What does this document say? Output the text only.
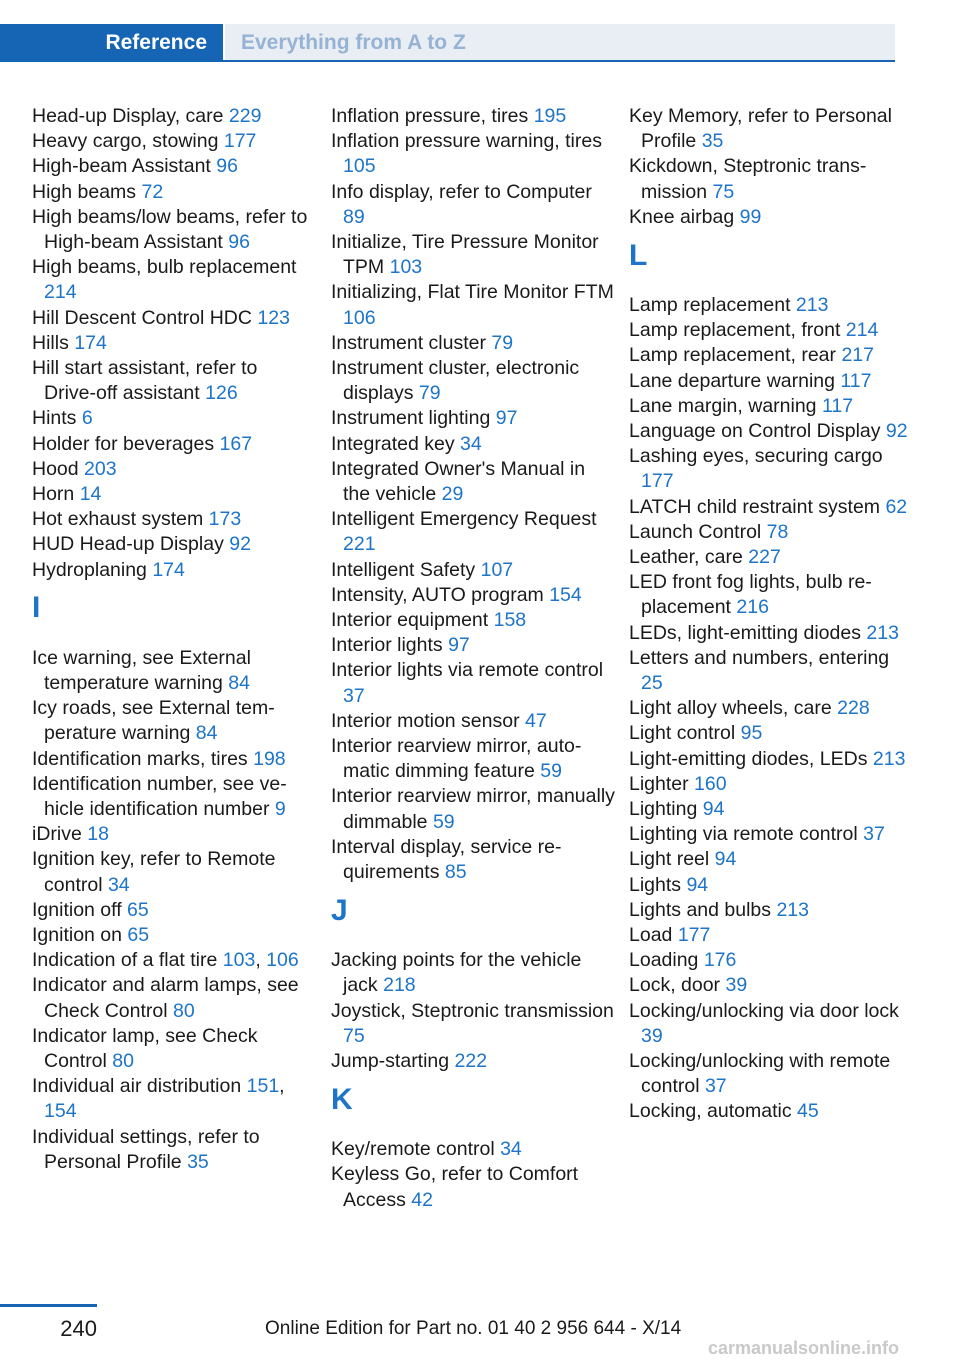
Reference	Everything from A to Z
Head-up Display, care 229
Heavy cargo, stowing 177
High-beam Assistant 96
High beams 72
High beams/low beams, refer to High-beam Assistant 96
High beams, bulb replacement 214
Hill Descent Control HDC 123
Hills 174
Hill start assistant, refer to Drive-off assistant 126
Hints 6
Holder for beverages 167
Hood 203
Horn 14
Hot exhaust system 173
HUD Head-up Display 92
Hydroplaning 174
I
Ice warning, see External temperature warning 84
Icy roads, see External temperature warning 84
Identification marks, tires 198
Identification number, see vehicle identification number 9
iDrive 18
Ignition key, refer to Remote control 34
Ignition off 65
Ignition on 65
Indication of a flat tire 103, 106
Indicator and alarm lamps, see Check Control 80
Indicator lamp, see Check Control 80
Individual air distribution 151, 154
Individual settings, refer to Personal Profile 35
Inflation pressure, tires 195
Inflation pressure warning, tires 105
Info display, refer to Computer 89
Initialize, Tire Pressure Monitor TPM 103
Initializing, Flat Tire Monitor FTM 106
Instrument cluster 79
Instrument cluster, electronic displays 79
Instrument lighting 97
Integrated key 34
Integrated Owner's Manual in the vehicle 29
Intelligent Emergency Request 221
Intelligent Safety 107
Intensity, AUTO program 154
Interior equipment 158
Interior lights 97
Interior lights via remote control 37
Interior motion sensor 47
Interior rearview mirror, automatic dimming feature 59
Interior rearview mirror, manually dimmable 59
Interval display, service requirements 85
J
Jacking points for the vehicle jack 218
Joystick, Steptronic transmission 75
Jump-starting 222
K
Key/remote control 34
Keyless Go, refer to Comfort Access 42
Key Memory, refer to Personal Profile 35
Kickdown, Steptronic transmission 75
Knee airbag 99
L
Lamp replacement 213
Lamp replacement, front 214
Lamp replacement, rear 217
Lane departure warning 117
Lane margin, warning 117
Language on Control Display 92
Lashing eyes, securing cargo 177
LATCH child restraint system 62
Launch Control 78
Leather, care 227
LED front fog lights, bulb replacement 216
LEDs, light-emitting diodes 213
Letters and numbers, entering 25
Light alloy wheels, care 228
Light control 95
Light-emitting diodes, LEDs 213
Lighter 160
Lighting 94
Lighting via remote control 37
Light reel 94
Lights 94
Lights and bulbs 213
Load 177
Loading 176
Lock, door 39
Locking/unlocking via door lock 39
Locking/unlocking with remote control 37
Locking, automatic 45
240	Online Edition for Part no. 01 40 2 956 644 - X/14
carmanualsonline.info
